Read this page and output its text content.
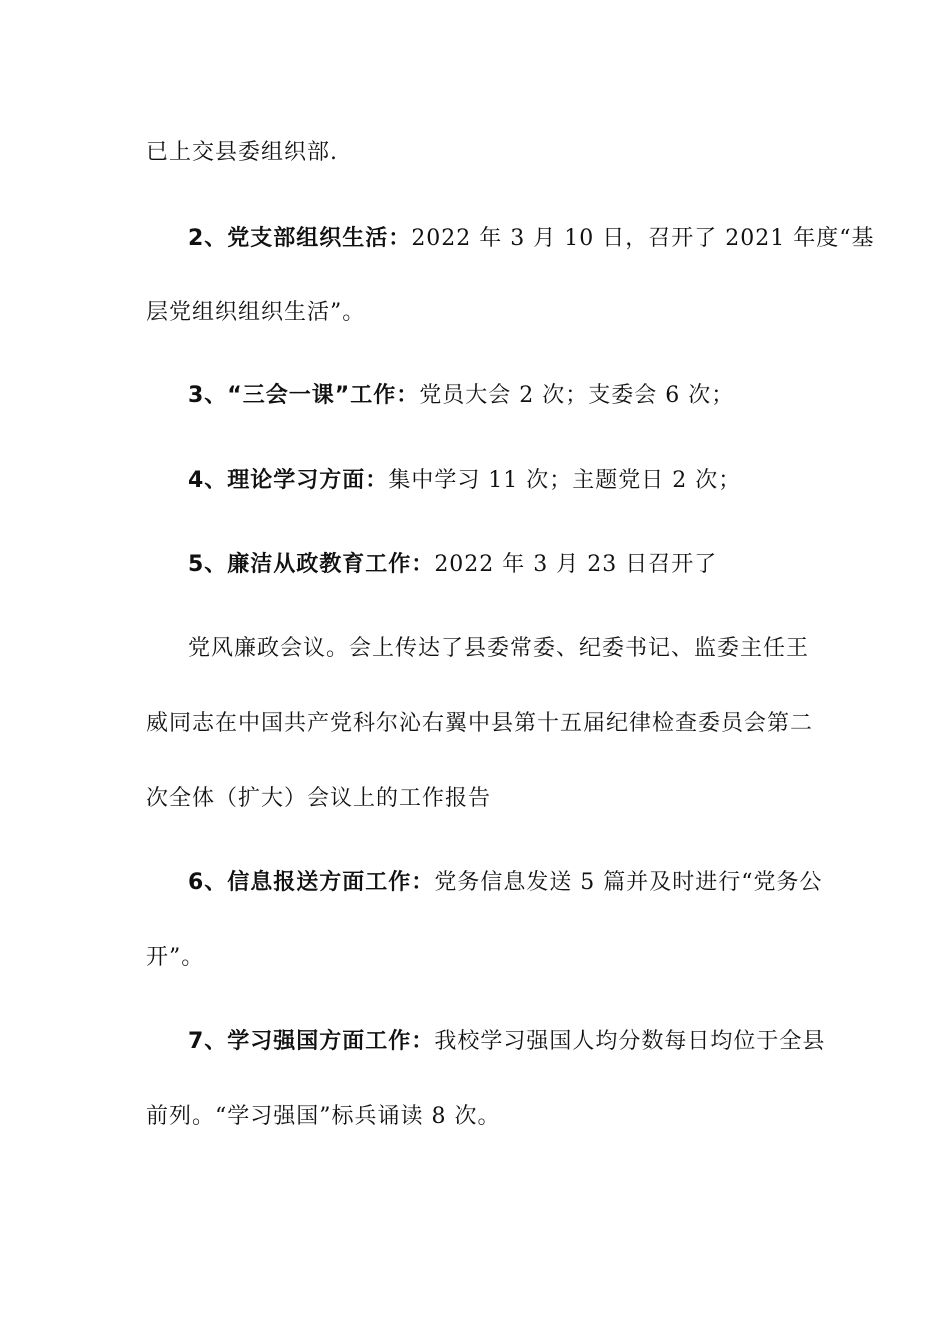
已上交县委组织部.
2、党支部组织生活：2022 年 3 月 10 日，召开了 2021 年度“基
层党组织组织生活”。
3、“三会一课”工作：党员大会 2 次；支委会 6 次；
4、理论学习方面：集中学习 11 次；主题党日 2 次；
5、廉洁从政教育工作：2022 年 3 月 23 日召开了
党风廉政会议。会上传达了县委常委、纪委书记、监委主任王
威同志在中国共产党科尔沁右翼中县第十五届纪律检查委员会第二
次全体（扩大）会议上的工作报告
6、信息报送方面工作：党务信息发送 5 篇并及时进行“党务公
开”。
7、学习强国方面工作：我校学习强国人均分数每日均位于全县
前列。“学习强国”标兵诵读 8 次。
